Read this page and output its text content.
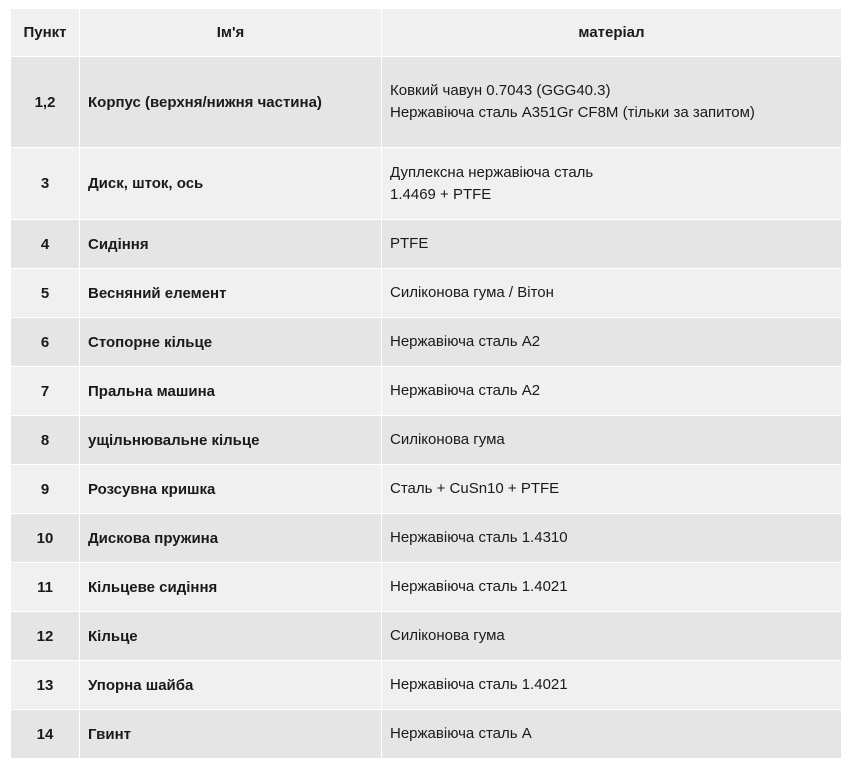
Пункт	Ім'я	матеріал
1,2	Корпус (верхня/нижня частина)	Ковкий чавун 0.7043 (GGG40.3)
Нержавіюча сталь A351Gr CF8M (тільки за запитом)

3	Диск, шток, ось	Дуплексна нержавіюча сталь
1.4469 + PTFE

4	Сидіння	PTFE

5	Весняний елемент	Силіконова гума / Вітон

6	Стопорне кільце	Нержавіюча сталь А2

7	Пральна машина	Нержавіюча сталь А2

8	ущільнювальне кільце	Силіконова гума

9	Розсувна кришка	Сталь + CuSn10 + PTFE

10	Дискова пружина	Нержавіюча сталь 1.4310

11	Кільцеве сидіння	Нержавіюча сталь 1.4021

12	Кільце	Силіконова гума

13	Упорна шайба	Нержавіюча сталь 1.4021

14	Гвинт	Нержавіюча сталь А
